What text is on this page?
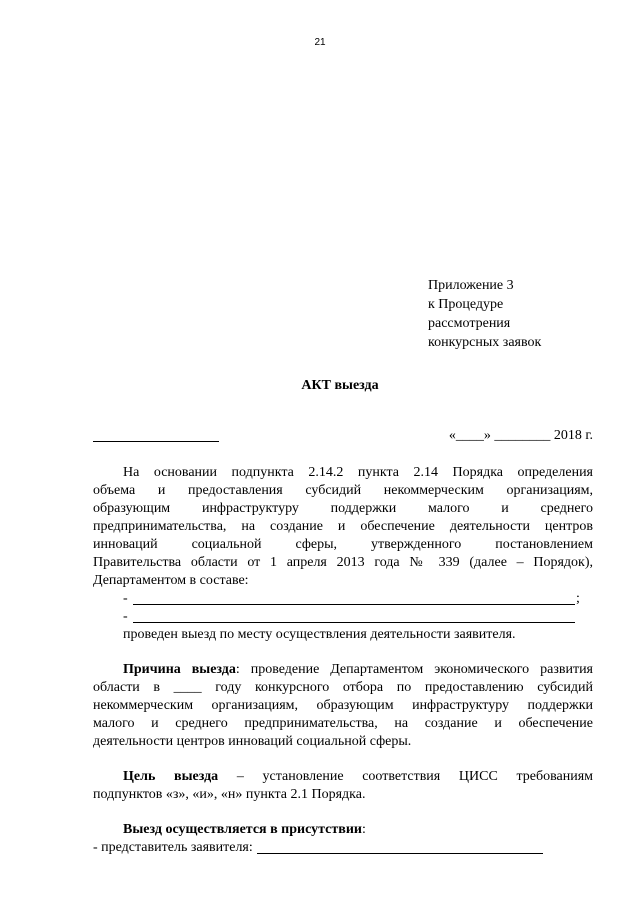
21
Приложение 3
к Процедуре
рассмотрения
конкурсных заявок
АКТ выезда
«____» ________ 2018 г.
На основании подпункта 2.14.2 пункта 2.14 Порядка определения
объема и предоставления субсидий некоммерческим организациям,
образующим инфраструктуру поддержки малого и среднего
предпринимательства, на создание и обеспечение деятельности центров
инноваций социальной сферы, утвержденного постановлением
Правительства области от 1 апреля 2013 года № 339 (далее – Порядок),
Департаментом в составе:
-	;
-
проведен выезд по месту осуществления деятельности заявителя.
Причина выезда: проведение Департаментом экономического развития
области в ____ году конкурсного отбора по предоставлению субсидий
некоммерческим организациям, образующим инфраструктуру поддержки
малого и среднего предпринимательства, на создание и обеспечение
деятельности центров инноваций социальной сферы.
Цель выезда – установление соответствия ЦИСС требованиям
подпунктов «з», «и», «н» пункта 2.1 Порядка.
Выезд осуществляется в присутствии:
- представитель заявителя:
